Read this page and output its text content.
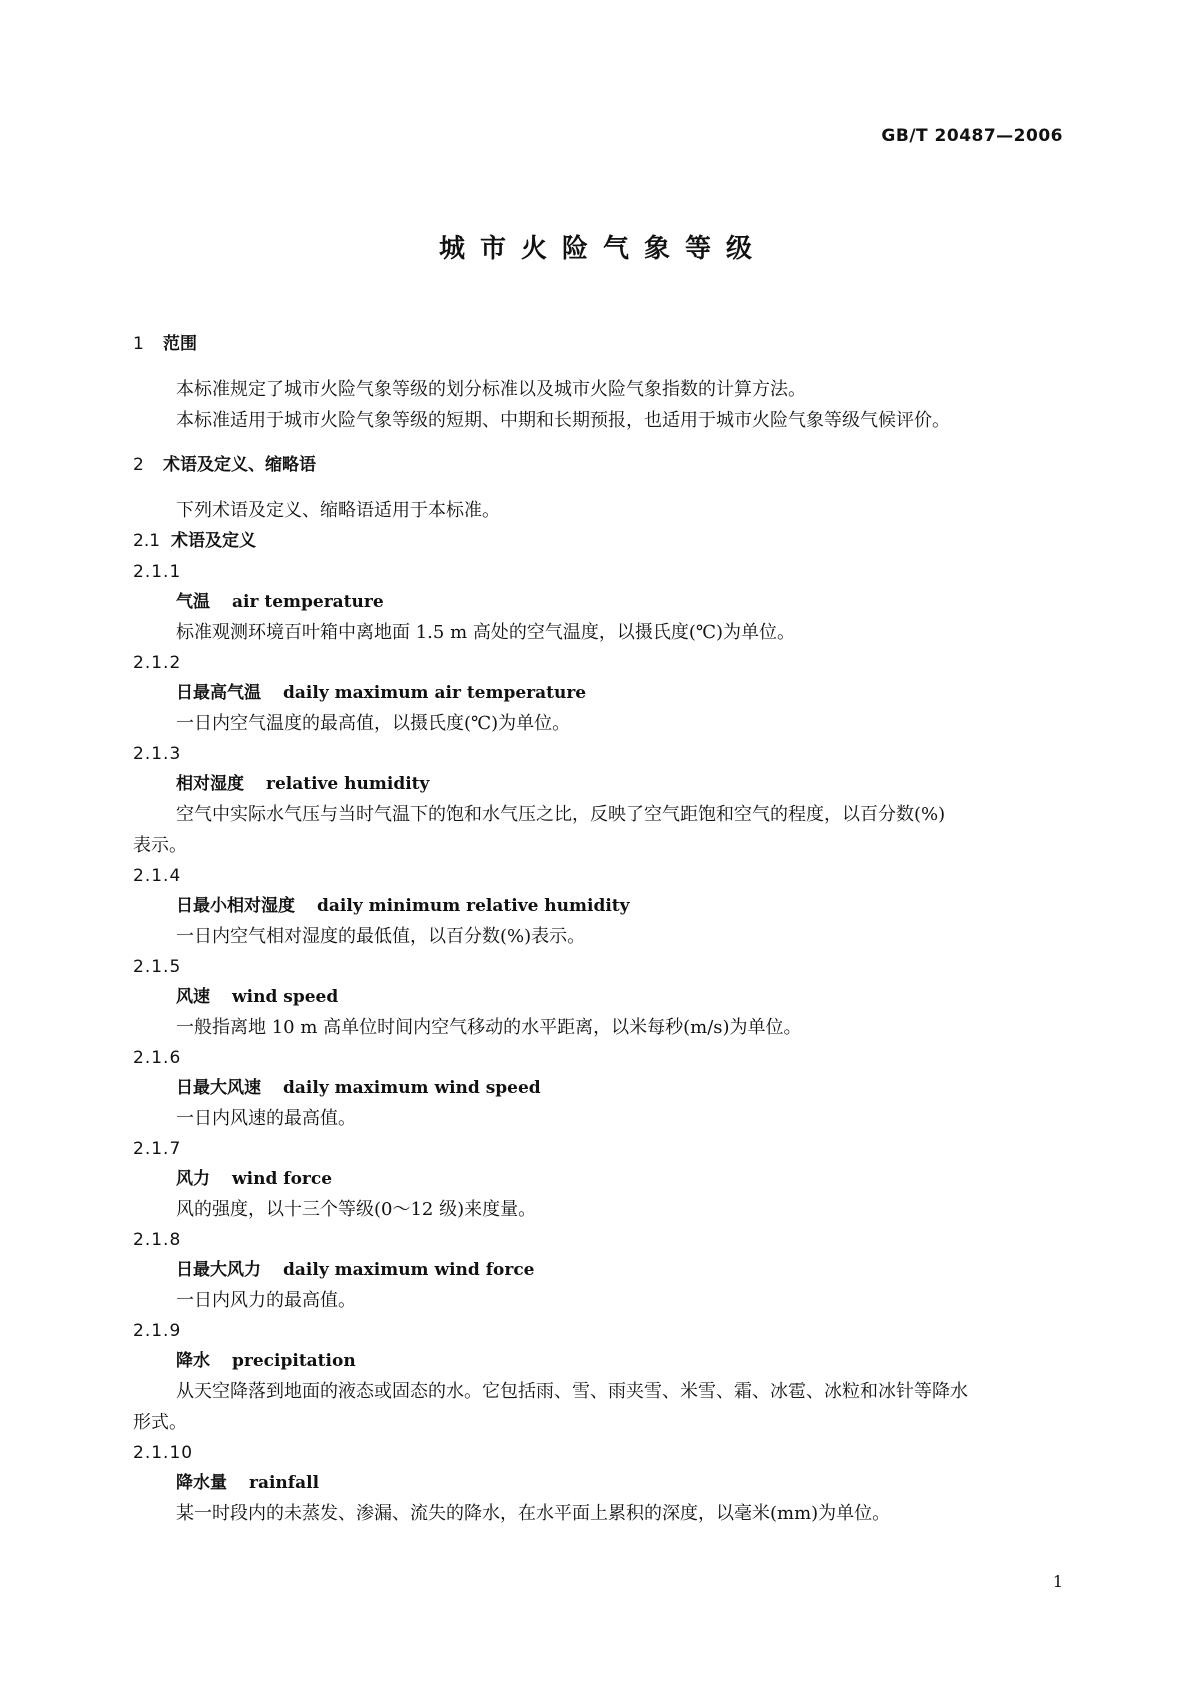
GB/T 20487—2006
城市火险气象等级
1 范围
本标准规定了城市火险气象等级的划分标准以及城市火险气象指数的计算方法。
本标准适用于城市火险气象等级的短期、中期和长期预报，也适用于城市火险气象等级气候评价。
2 术语及定义、缩略语
下列术语及定义、缩略语适用于本标准。
2.1 术语及定义
2.1.1
气温 air temperature
标准观测环境百叶箱中离地面 1.5 m 高处的空气温度，以摄氏度(℃)为单位。
2.1.2
日最高气温 daily maximum air temperature
一日内空气温度的最高值，以摄氏度(℃)为单位。
2.1.3
相对湿度 relative humidity
空气中实际水气压与当时气温下的饱和水气压之比，反映了空气距饱和空气的程度，以百分数(%)
表示。
2.1.4
日最小相对湿度 daily minimum relative humidity
一日内空气相对湿度的最低值，以百分数(%)表示。
2.1.5
风速 wind speed
一般指离地 10 m 高单位时间内空气移动的水平距离，以米每秒(m/s)为单位。
2.1.6
日最大风速 daily maximum wind speed
一日内风速的最高值。
2.1.7
风力 wind force
风的强度，以十三个等级(0～12 级)来度量。
2.1.8
日最大风力 daily maximum wind force
一日内风力的最高值。
2.1.9
降水 precipitation
从天空降落到地面的液态或固态的水。它包括雨、雪、雨夹雪、米雪、霜、冰雹、冰粒和冰针等降水
形式。
2.1.10
降水量 rainfall
某一时段内的未蒸发、渗漏、流失的降水，在水平面上累积的深度，以毫米(mm)为单位。
1
